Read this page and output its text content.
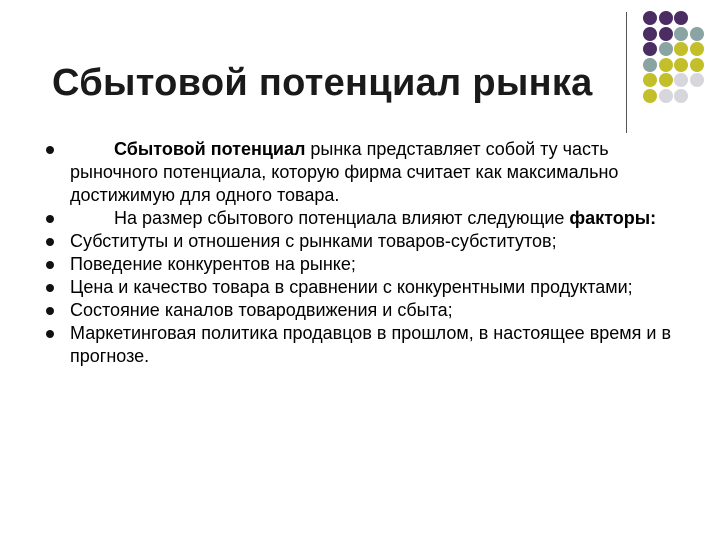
Сбытовой потенциал рынка
Сбытовой потенциал рынка представляет собой ту часть рыночного потенциала, которую фирма считает как максимально достижимую для одного товара.
На размер сбытового потенциала влияют следующие факторы:
Субституты и отношения с рынками товаров-субститутов;
Поведение конкурентов на рынке;
Цена и качество товара в сравнении с конкурентными продуктами;
Состояние каналов товародвижения и сбыта;
Маркетинговая политика продавцов в прошлом, в настоящее время и в прогнозе.
